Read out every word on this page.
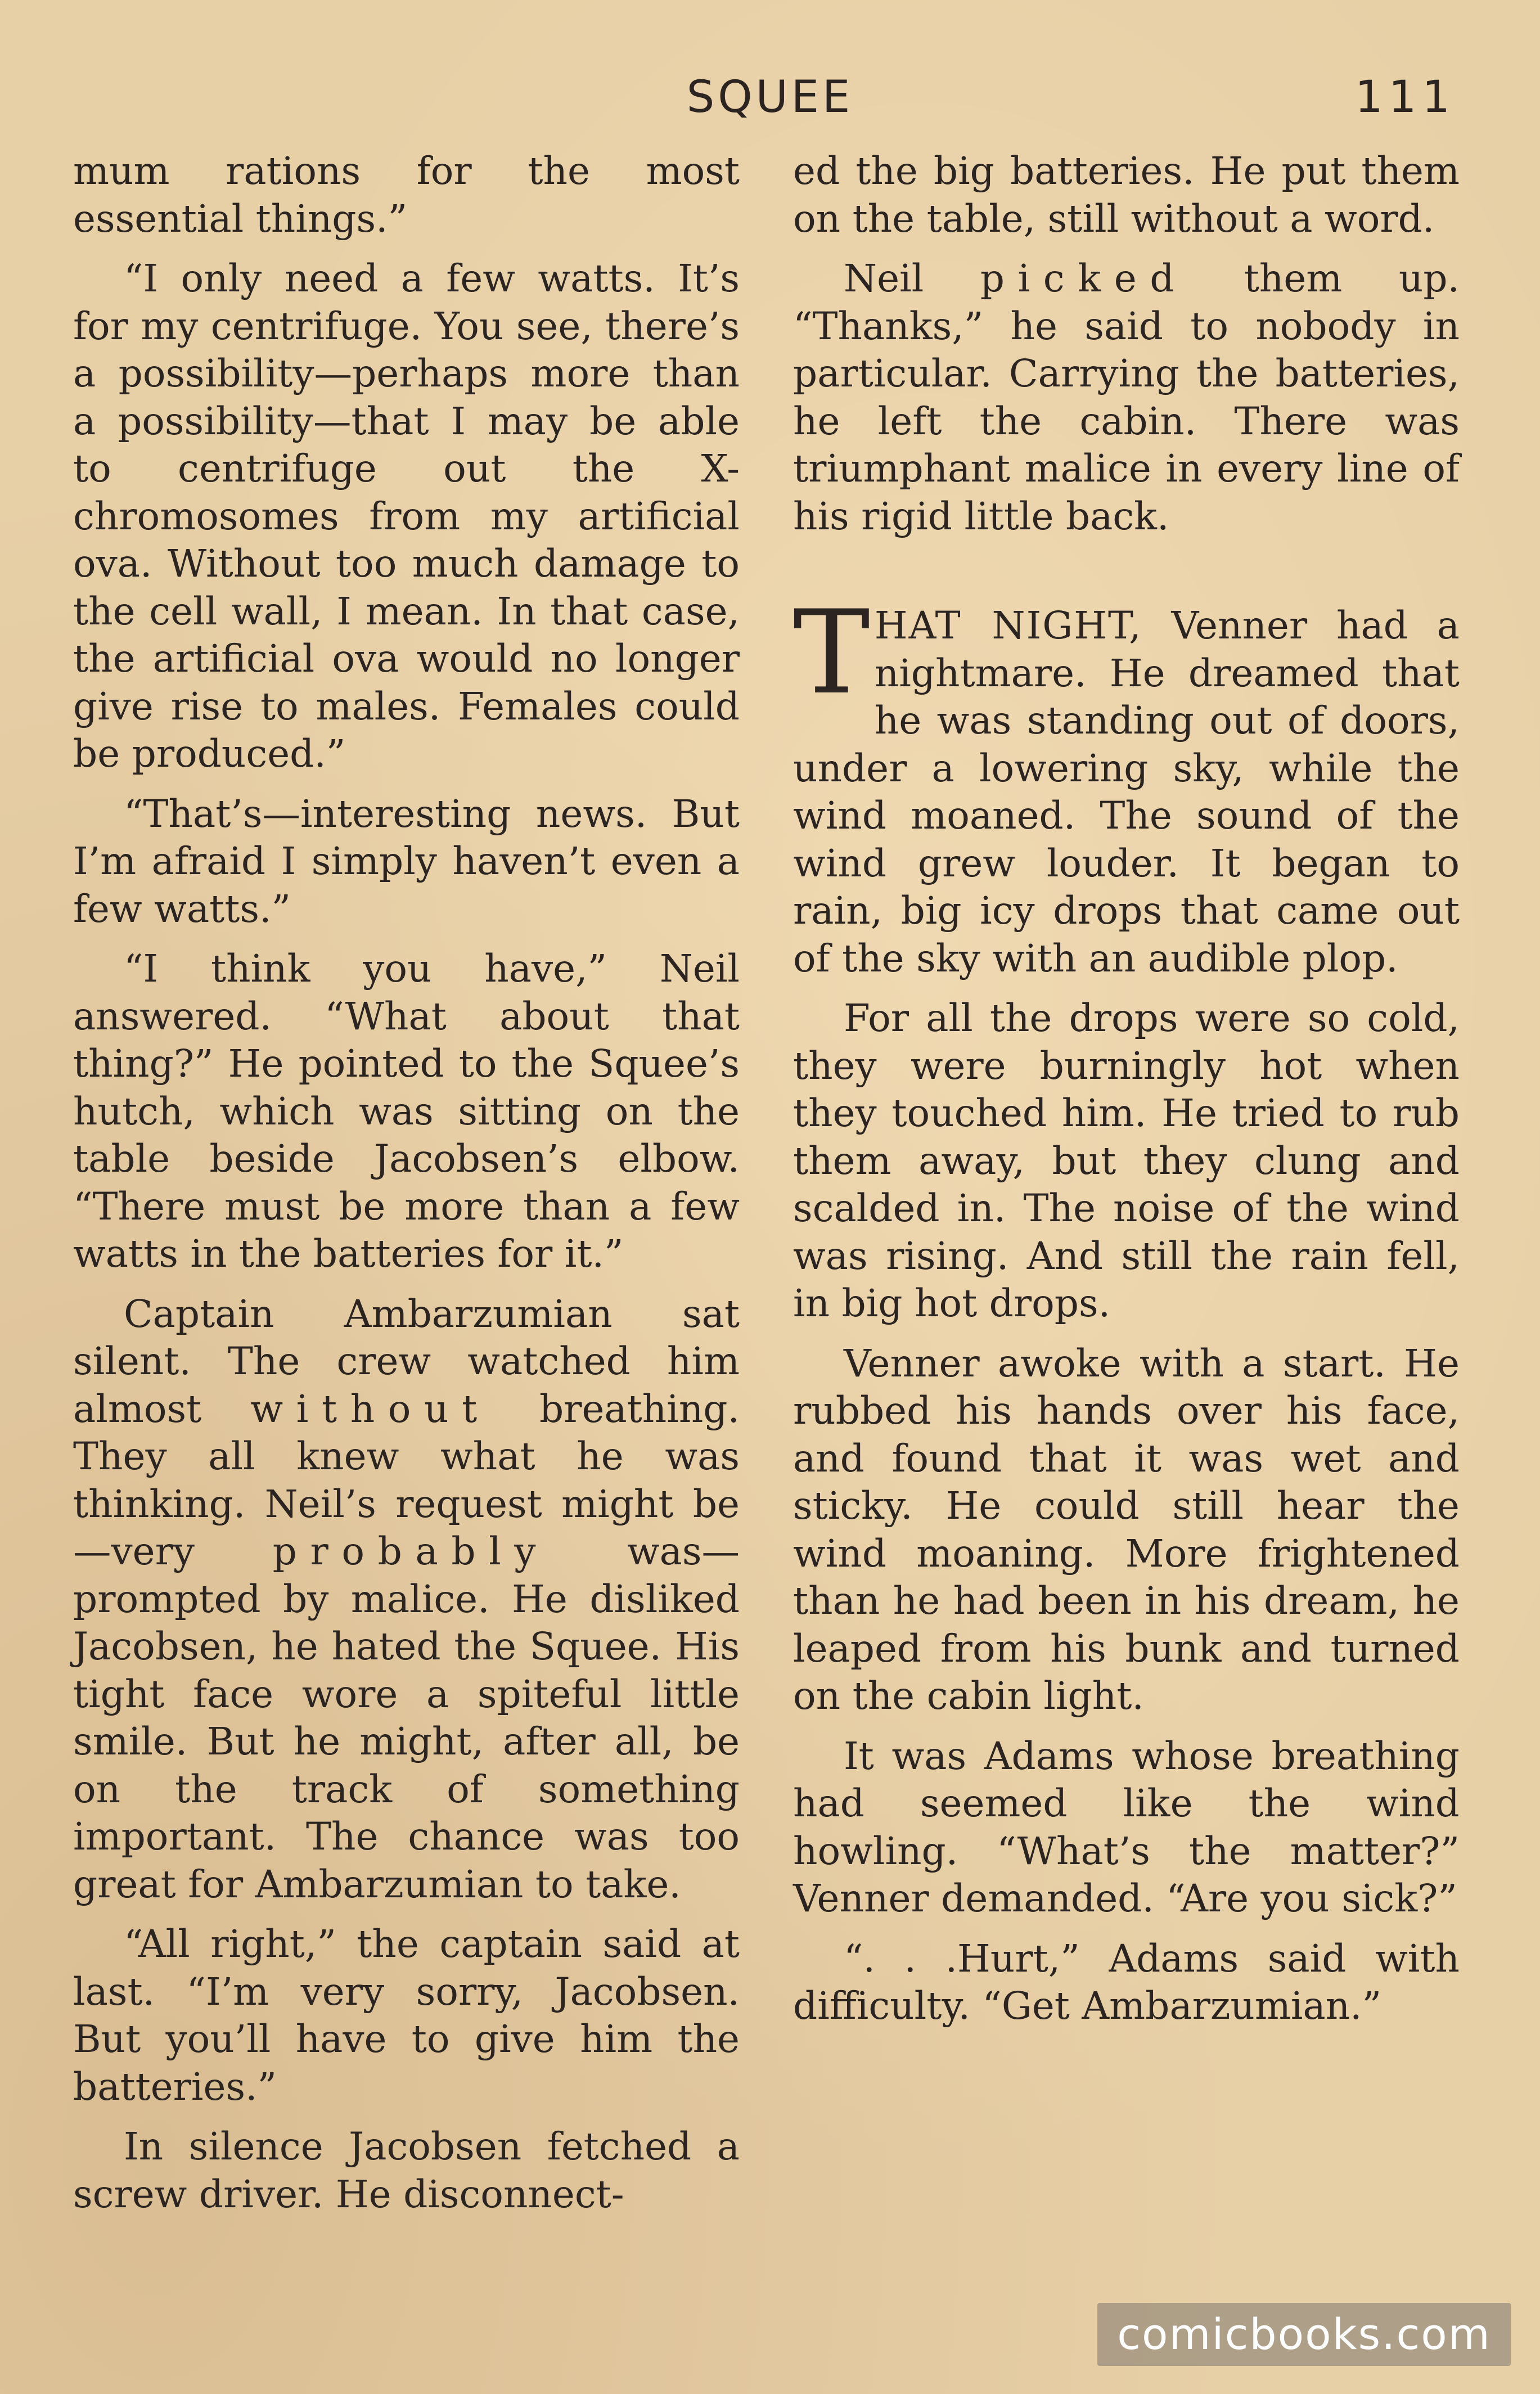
SQUEE	111

mum rations for the most essential things.”

“I only need a few watts. It’s for my centrifuge. You see, there’s a possibility—perhaps more than a possibility—that I may be able to centrifuge out the X-chromosomes from my artificial ova. Without too much damage to the cell wall, I mean. In that case, the artificial ova would no longer give rise to males. Females could be produced.”

“That’s—interesting news. But I’m afraid I simply haven’t even a few watts.”

“I think you have,” Neil answered. “What about that thing?” He pointed to the Squee’s hutch, which was sitting on the table beside Jacobsen’s elbow. “There must be more than a few watts in the batteries for it.”

Captain Ambarzumian sat silent. The crew watched him almost without breathing. They all knew what he was thinking. Neil’s request might be—very probably was—prompted by malice. He disliked Jacobsen, he hated the Squee. His tight face wore a spiteful little smile. But he might, after all, be on the track of something important. The chance was too great for Ambarzumian to take.

“All right,” the captain said at last. “I’m very sorry, Jacobsen. But you’ll have to give him the batteries.”

In silence Jacobsen fetched a screw driver. He disconnect-

ed the big batteries. He put them on the table, still without a word.

Neil picked them up. “Thanks,” he said to nobody in particular. Carrying the batteries, he left the cabin. There was triumphant malice in every line of his rigid little back.

THAT NIGHT, Venner had a nightmare. He dreamed that he was standing out of doors, under a lowering sky, while the wind moaned. The sound of the wind grew louder. It began to rain, big icy drops that came out of the sky with an audible plop.

For all the drops were so cold, they were burningly hot when they touched him. He tried to rub them away, but they clung and scalded in. The noise of the wind was rising. And still the rain fell, in big hot drops.

Venner awoke with a start. He rubbed his hands over his face, and found that it was wet and sticky. He could still hear the wind moaning. More frightened than he had been in his dream, he leaped from his bunk and turned on the cabin light.

It was Adams whose breathing had seemed like the wind howling. “What’s the matter?” Venner demanded. “Are you sick?”

“. . .Hurt,” Adams said with difficulty. “Get Ambarzumian.”

comicbooks.com
